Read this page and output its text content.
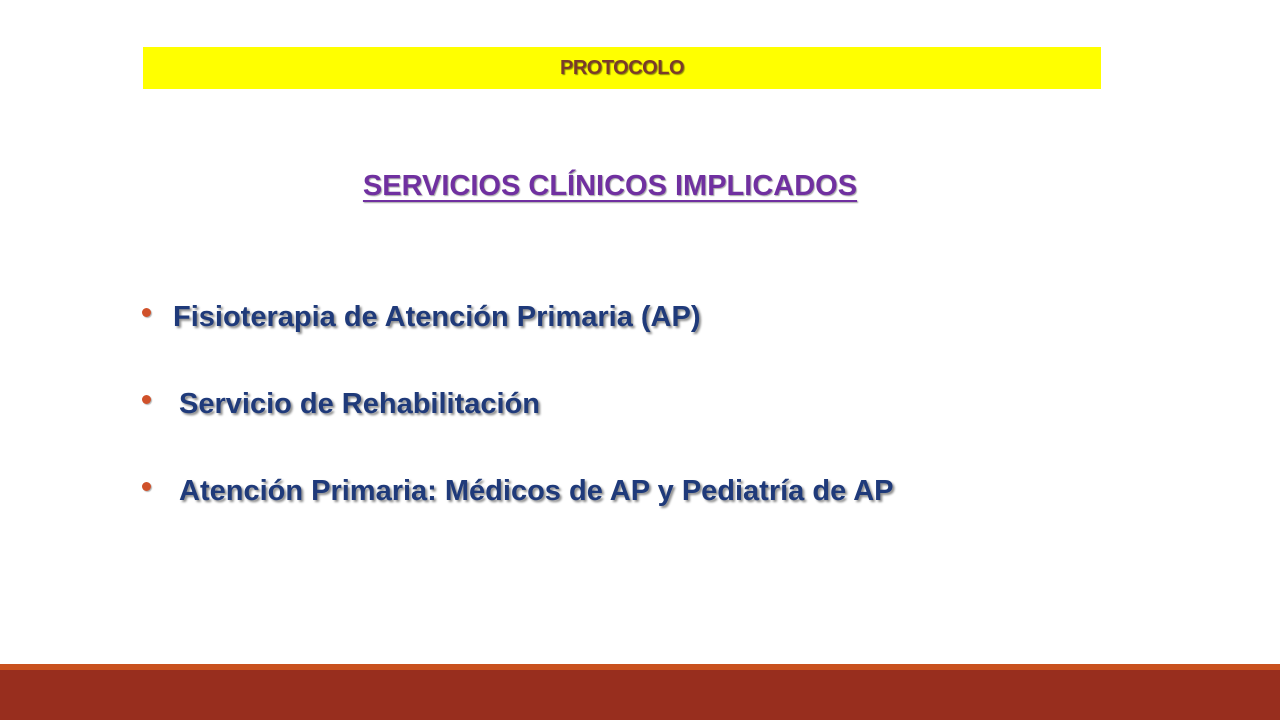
PROTOCOLO
SERVICIOS CLÍNICOS IMPLICADOS
Fisioterapia de Atención Primaria (AP)
Servicio de Rehabilitación
Atención Primaria: Médicos de AP y Pediatría de AP
